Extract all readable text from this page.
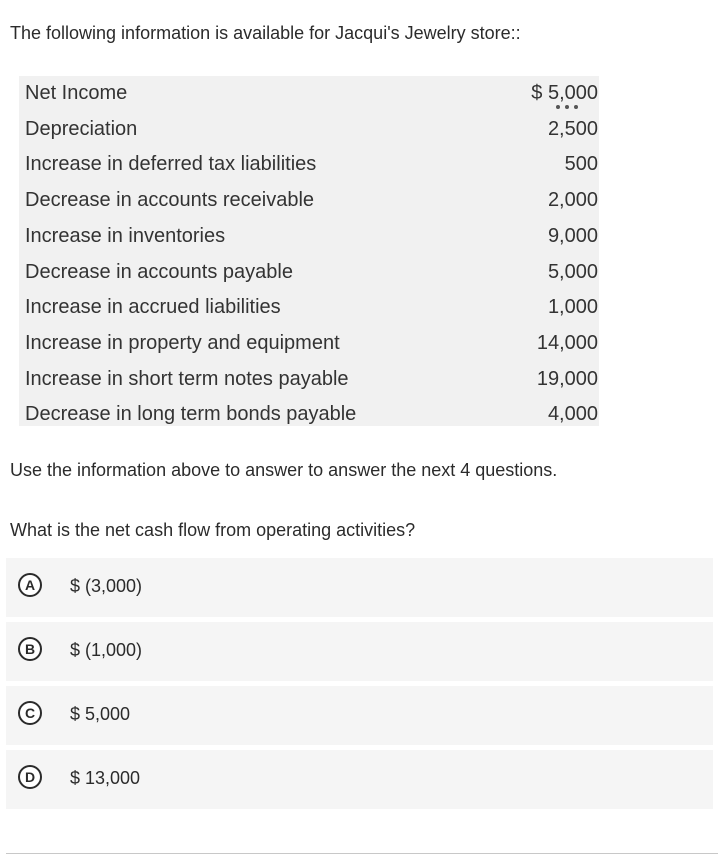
The following information is available for Jacqui's Jewelry store::
Net Income	$ 5,000
Depreciation	2,500
Increase in deferred tax liabilities	500
Decrease in accounts receivable	2,000
Increase in inventories	9,000
Decrease in accounts payable	5,000
Increase in accrued liabilities	1,000
Increase in property and equipment	14,000
Increase in short term notes payable	19,000
Decrease in long term bonds payable	4,000
Use the information above to answer to answer the next 4 questions.
What is the net cash flow from operating activities?
A	$ (3,000)
B	$ (1,000)
C	$ 5,000
D	$ 13,000
